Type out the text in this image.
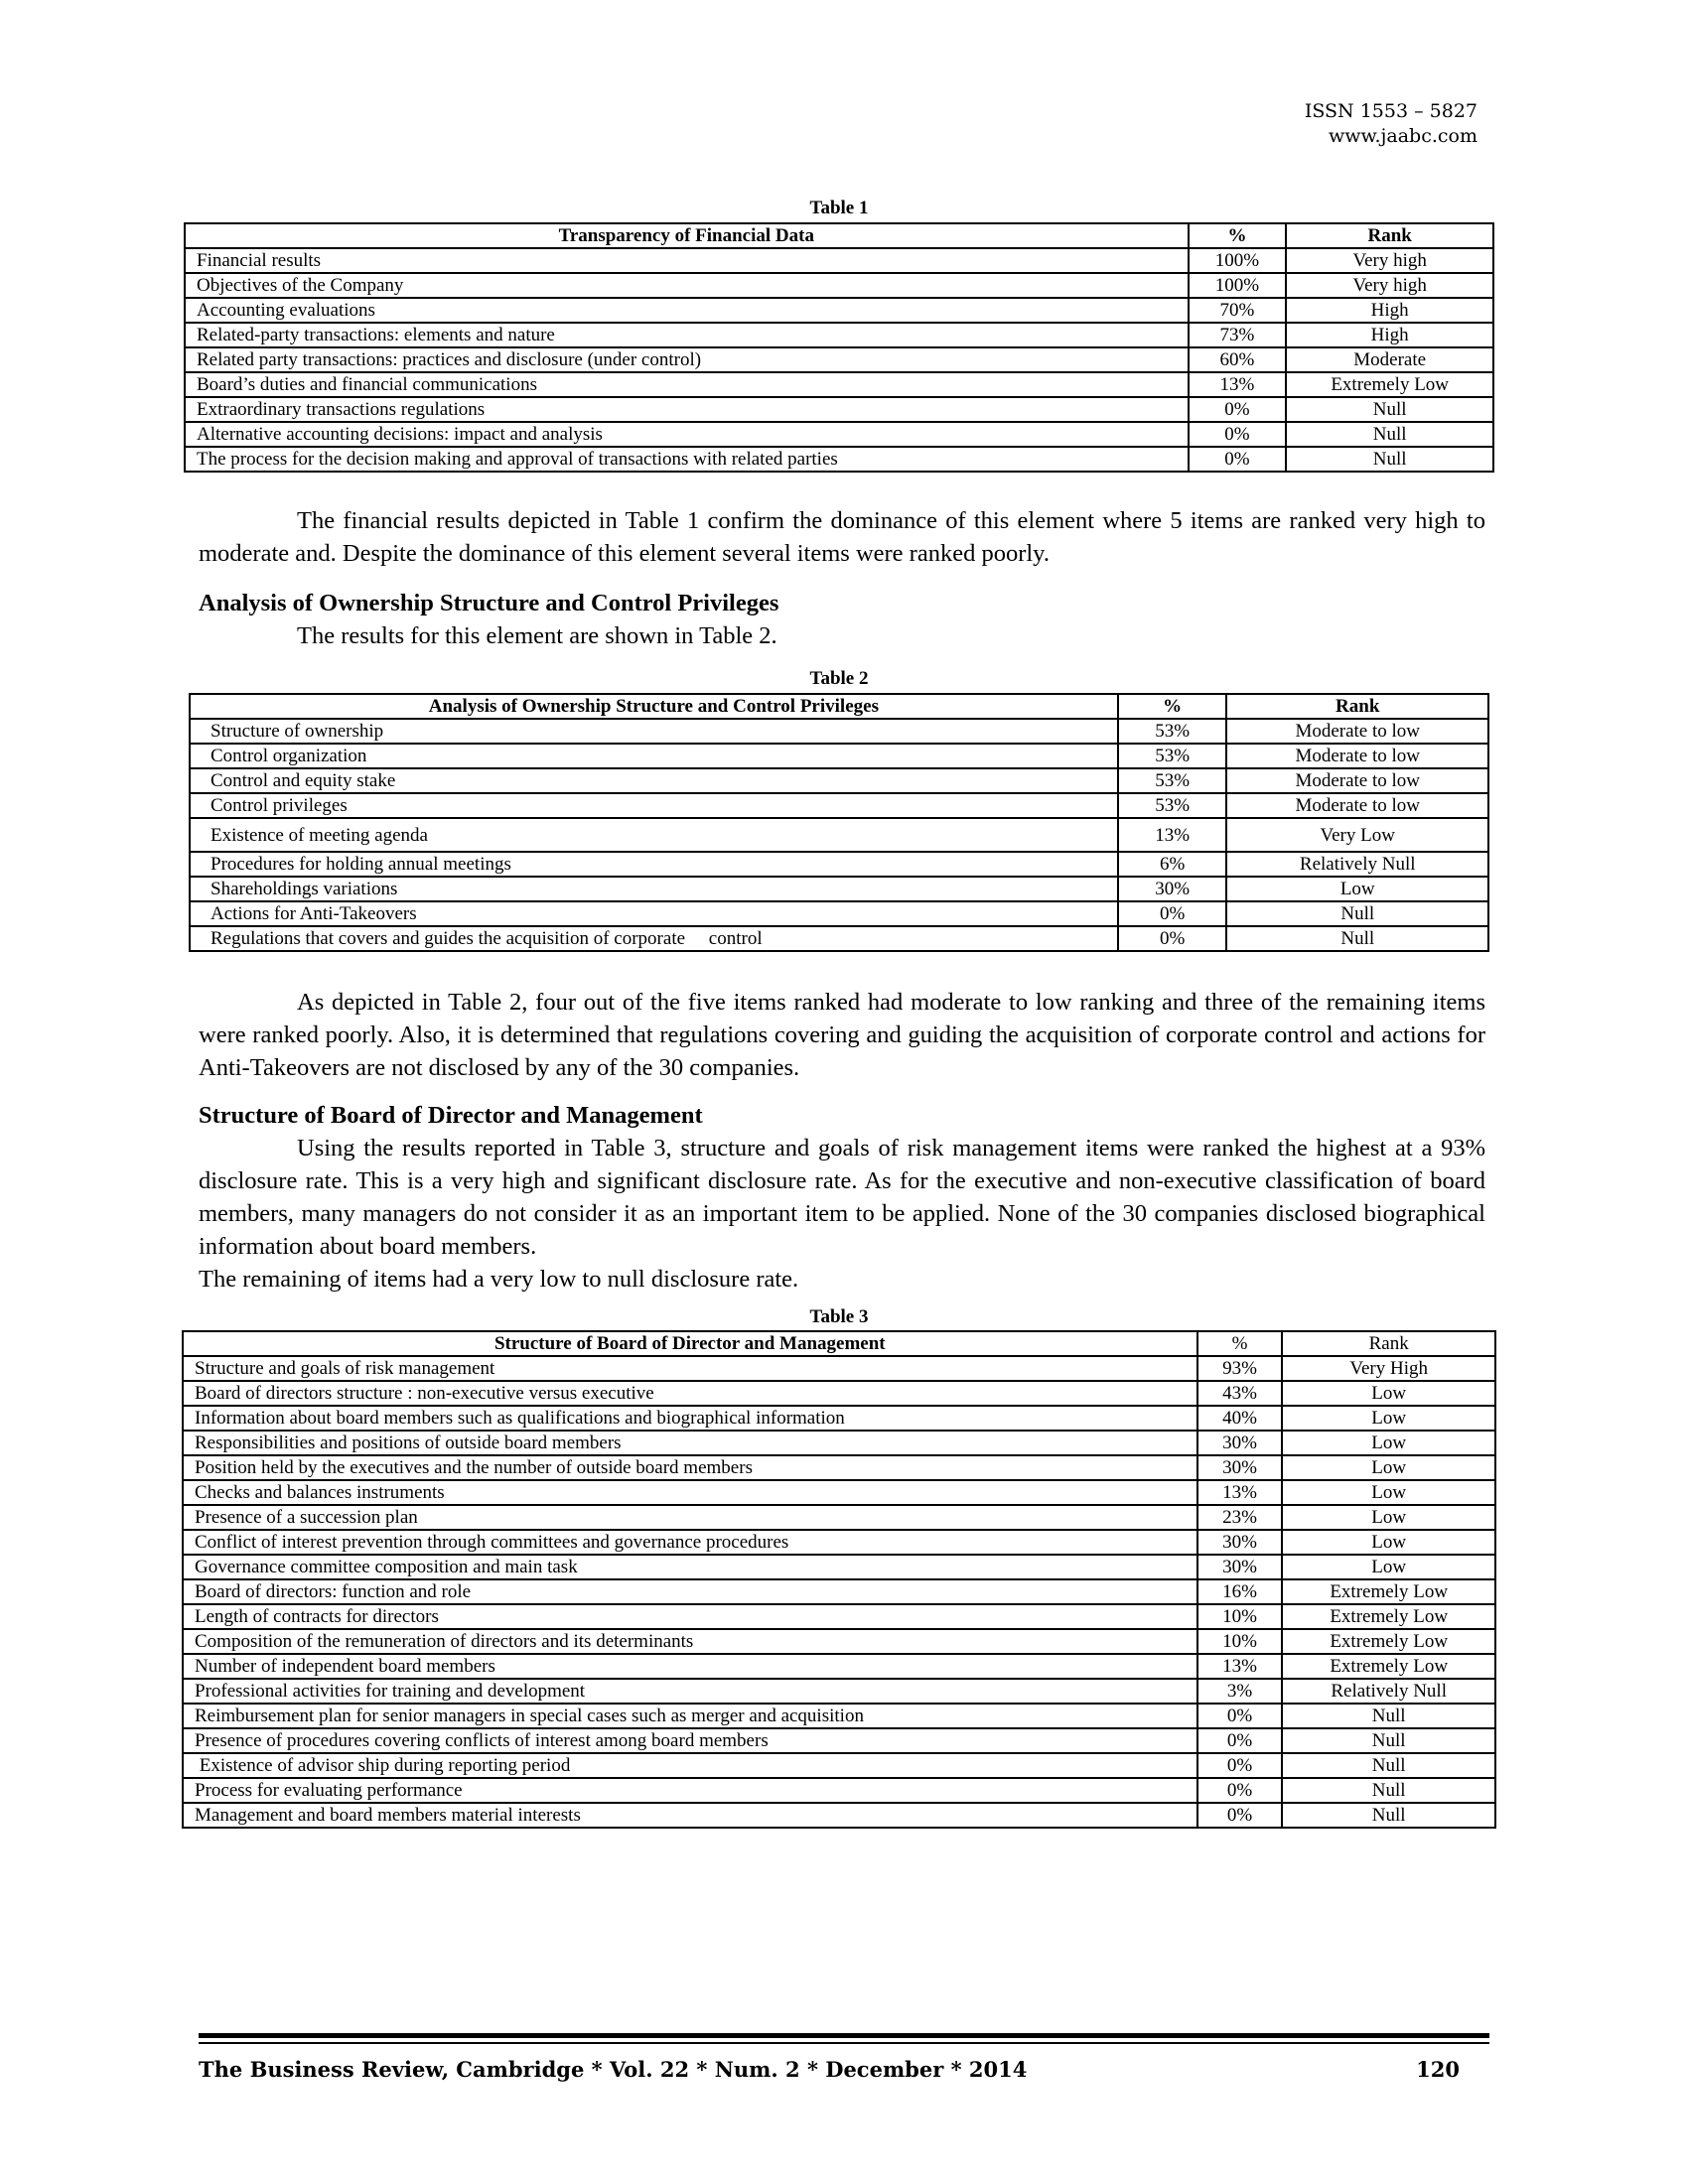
ISSN 1553 – 5827
www.jaabc.com
Table 1
Transparency of Financial Data	%	Rank
Financial results	100%	Very high
Objectives of the Company	100%	Very high
Accounting evaluations	70%	High
Related-party transactions: elements and nature	73%	High
Related party transactions: practices and disclosure (under control)	60%	Moderate
Board’s duties and financial communications	13%	Extremely Low
Extraordinary transactions regulations	0%	Null
Alternative accounting decisions: impact and analysis	0%	Null
The process for the decision making and approval of transactions with related parties	0%	Null

The financial results depicted in Table 1 confirm the dominance of this element where 5 items are ranked very high to moderate and. Despite the dominance of this element several items were ranked poorly.

Analysis of Ownership Structure and Control Privileges

The results for this element are shown in Table 2.

Table 2
Analysis of Ownership Structure and Control Privileges	%	Rank
Structure of ownership	53%	Moderate to low
Control organization	53%	Moderate to low
Control and equity stake	53%	Moderate to low
Control privileges	53%	Moderate to low
Existence of meeting agenda	13%	Very Low
Procedures for holding annual meetings	6%	Relatively Null
Shareholdings variations	30%	Low
Actions for Anti-Takeovers	0%	Null
Regulations that covers and guides the acquisition of corporate     control	0%	Null

As depicted in Table 2, four out of the five items ranked had moderate to low ranking and three of the remaining items were ranked poorly. Also, it is determined that regulations covering and guiding the acquisition of corporate control and actions for Anti-Takeovers are not disclosed by any of the 30 companies.

Structure of Board of Director and Management

Using the results reported in Table 3, structure and goals of risk management items were ranked the highest at a 93% disclosure rate. This is a very high and significant disclosure rate. As for the executive and non-executive classification of board members, many managers do not consider it as an important item to be applied. None of the 30 companies disclosed biographical information about board members.

The remaining of items had a very low to null disclosure rate.

Table 3
Structure of Board of Director and Management	%	Rank
Structure and goals of risk management	93%	Very High
Board of directors structure : non-executive versus executive	43%	Low
Information about board members such as qualifications and biographical information	40%	Low
Responsibilities and positions of outside board members	30%	Low
Position held by the executives and the number of outside board members	30%	Low
Checks and balances instruments	13%	Low
Presence of a succession plan	23%	Low
Conflict of interest prevention through committees and governance procedures	30%	Low
Governance committee composition and main task	30%	Low
Board of directors: function and role	16%	Extremely Low
Length of contracts for directors	10%	Extremely Low
Composition of the remuneration of directors and its determinants	10%	Extremely Low
Number of independent board members	13%	Extremely Low
Professional activities for training and development	3%	Relatively Null
Reimbursement plan for senior managers in special cases such as merger and acquisition	0%	Null
Presence of procedures covering conflicts of interest among board members	0%	Null
Existence of advisor ship during reporting period	0%	Null
Process for evaluating performance	0%	Null
Management and board members material interests	0%	Null
The Business Review, Cambridge * Vol. 22 * Num. 2 * December * 2014	120
